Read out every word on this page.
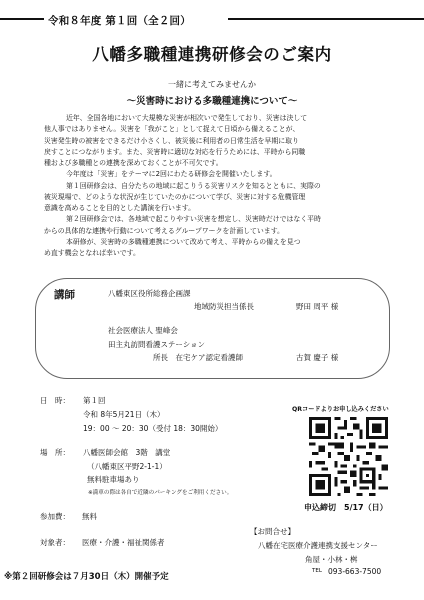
令和８年度 第１回（全２回）
八幡多職種連携研修会のご案内
一緒に考えてみませんか
～災害時における多職種連携について～
近年、全国各地において大規模な災害が相次いで発生しており、災害は決して
他人事ではありません。災害を「我がこと」として捉えて日頃から備えることが、
災害発生時の被害をできるだけ小さくし、被災後に利用者の日常生活を早期に取り
戻すことにつながります。また、災害時に適切な対応を行うためには、平時から同職
種および多職種との連携を深めておくことが不可欠です。
今年度は「災害」をテーマに2回にわたる研修会を開催いたします。
第１回研修会は、自分たちの地域に起こりうる災害リスクを知るとともに、実際の
被災現場で、どのような状況が生じていたのかについて学び、災害に対する危機管理
意識を高めることを目的とした講演を行います。
第２回研修会では、各地域で起こりやすい災害を想定し、災害時だけではなく平時
からの具体的な連携や行動について考えるグループワークを計画しています。
本研修が、災害時の多職種連携について改めて考え、平時からの備えを見つ
め直す機会となれば幸いです。
講師	八幡東区役所総務企画課
地域防災担当係長	野田 周平 様
社会医療法人 聖峰会
田主丸訪問看護ステーション
所長　在宅ケア認定看護師	古賀 慶子 様
日　時： 第１回
令和 8年5月21日（木）
19：00 ～ 20：30（受付 18：30開始）
場　所： 八幡医師会館　3階　講堂
（八幡東区平野2-1-1）
無料駐車場あり
※満車の際は各自で近隣のパーキングをご利用ください。
参加費： 無料
対象者： 医療・介護・福祉関係者
QRコードよりお申し込みください
申込締切　5/17（日）
【お問合せ】
八幡在宅医療介護連携支援センター
角屋・小林・桝
TEL 093-663-7500
※第２回研修会は７月30日（木）開催予定
